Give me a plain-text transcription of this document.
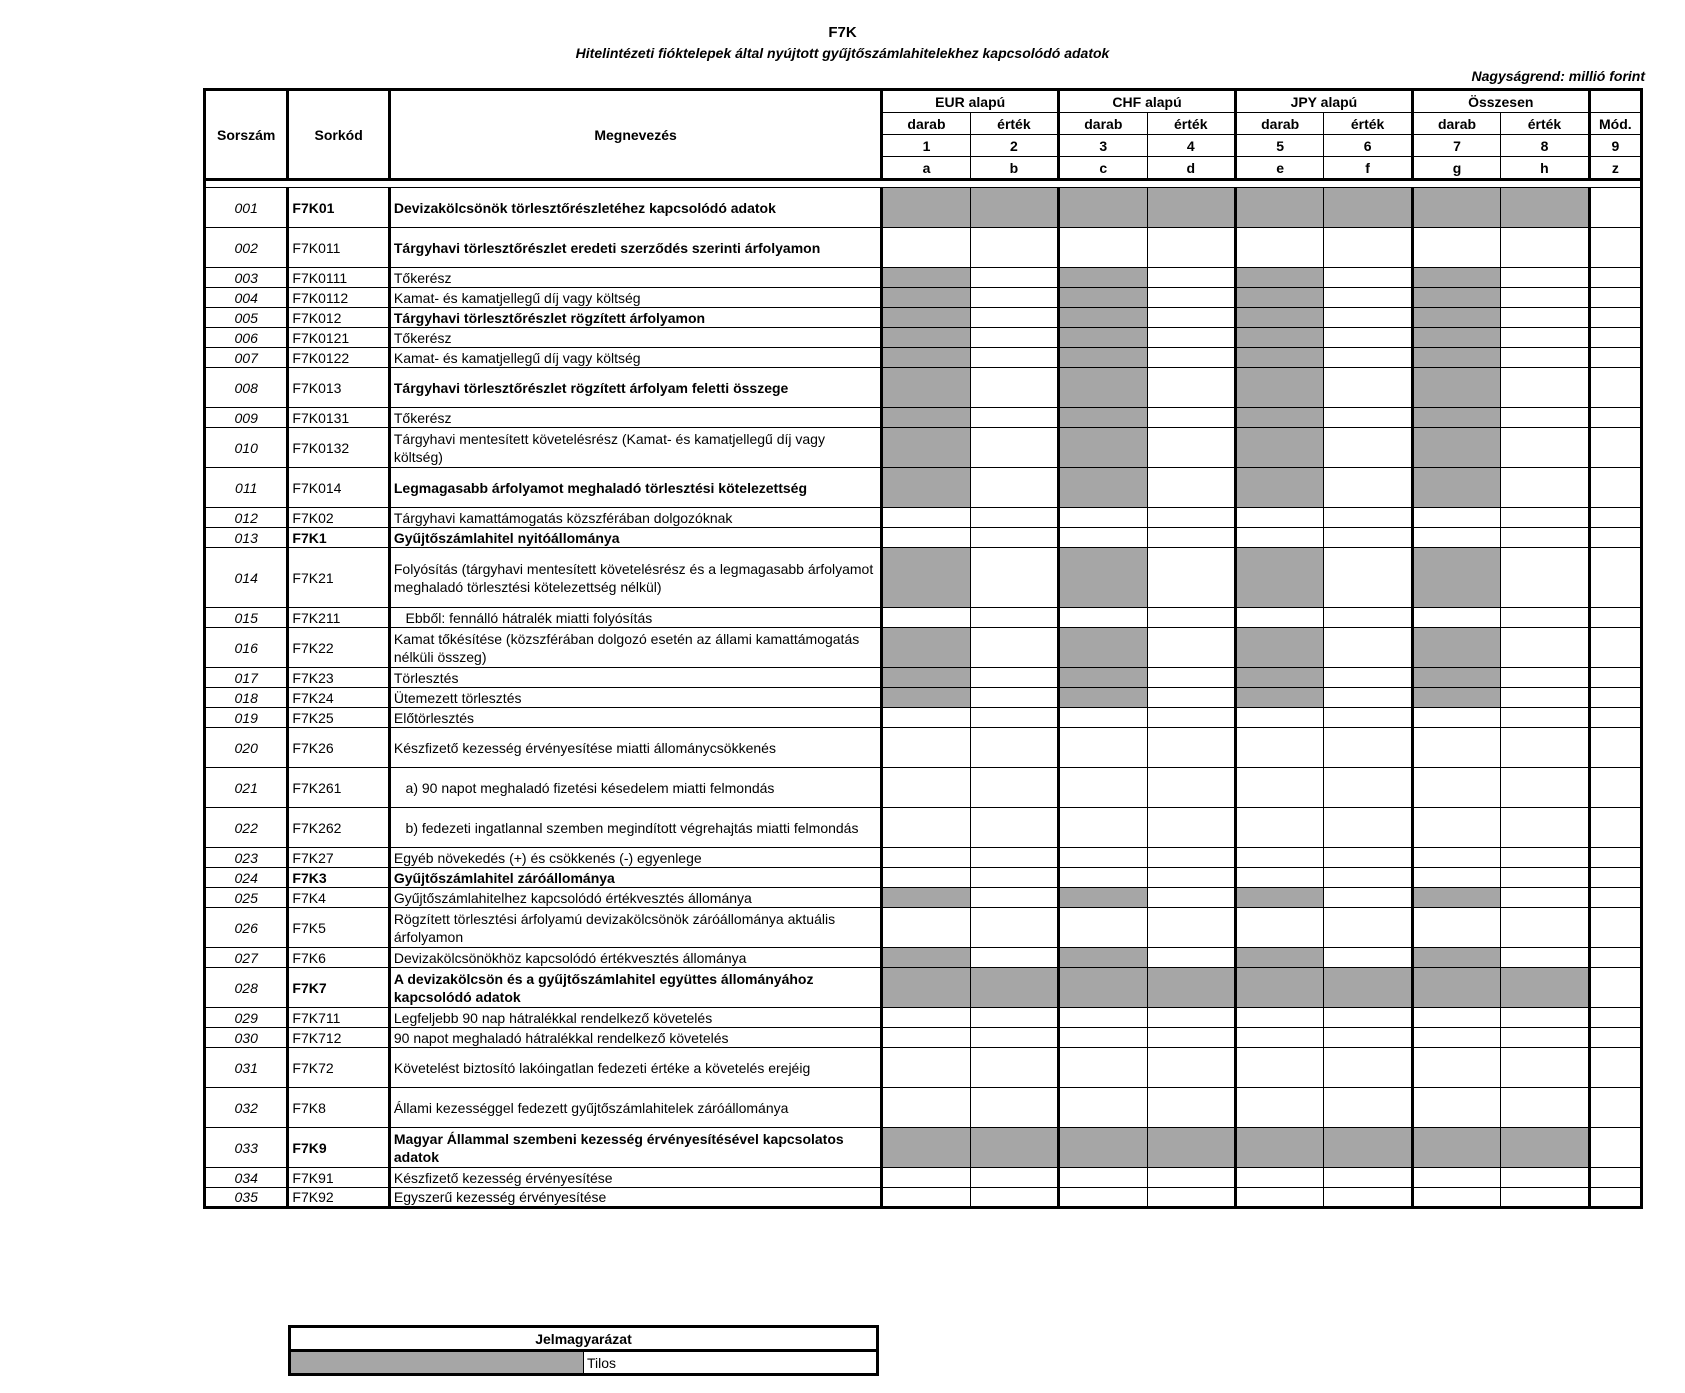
F7K
Hitelintézeti fióktelepek által nyújtott gyűjtőszámlahitelekhez kapcsolódó adatok
Nagyságrend: millió forint
Sorszám	Sorkód	Megnevezés	EUR alapú		CHF alapú		JPY alapú		Összesen		
			darab	érték	darab	érték	darab	érték	darab	érték	Mód.
			1	2	3	4	5	6	7	8	9
			a	b	c	d	e	f	g	h	z

001	F7K01	Devizakölcsönök törlesztőrészletéhez kapcsolódó adatok									
002	F7K011	Tárgyhavi törlesztőrészlet eredeti szerződés szerinti árfolyamon									
003	F7K0111	Tőkerész									
004	F7K0112	Kamat- és kamatjellegű díj vagy költség									
005	F7K012	Tárgyhavi törlesztőrészlet rögzített árfolyamon									
006	F7K0121	Tőkerész									
007	F7K0122	Kamat- és kamatjellegű díj vagy költség									
008	F7K013	Tárgyhavi törlesztőrészlet rögzített árfolyam feletti összege									
009	F7K0131	Tőkerész									
010	F7K0132	Tárgyhavi mentesített követelésrész (Kamat- és kamatjellegű díj vagy költség)									
011	F7K014	Legmagasabb árfolyamot meghaladó törlesztési kötelezettség									
012	F7K02	Tárgyhavi kamattámogatás közszférában dolgozóknak									
013	F7K1	Gyűjtőszámlahitel nyitóállománya									
014	F7K21	Folyósítás (tárgyhavi mentesített követelésrész és a legmagasabb árfolyamot meghaladó törlesztési kötelezettség nélkül)									
015	F7K211	Ebből: fennálló hátralék miatti folyósítás									
016	F7K22	Kamat tőkésítése (közszférában dolgozó esetén az állami kamattámogatás nélküli összeg)									
017	F7K23	Törlesztés									
018	F7K24	Ütemezett törlesztés									
019	F7K25	Előtörlesztés									
020	F7K26	Készfizető kezesség érvényesítése miatti állománycsökkenés									
021	F7K261	a) 90 napot meghaladó fizetési késedelem miatti felmondás									
022	F7K262	b) fedezeti ingatlannal szemben megindított végrehajtás miatti felmondás									
023	F7K27	Egyéb növekedés (+) és csökkenés (-) egyenlege									
024	F7K3	Gyűjtőszámlahitel záróállománya									
025	F7K4	Gyűjtőszámlahitelhez kapcsolódó értékvesztés állománya									
026	F7K5	Rögzített törlesztési árfolyamú devizakölcsönök záróállománya aktuális árfolyamon									
027	F7K6	Devizakölcsönökhöz kapcsolódó értékvesztés állománya									
028	F7K7	A devizakölcsön és a gyűjtőszámlahitel együttes állományához kapcsolódó adatok									
029	F7K711	Legfeljebb 90 nap hátralékkal rendelkező követelés									
030	F7K712	90 napot meghaladó hátralékkal rendelkező követelés									
031	F7K72	Követelést biztosító lakóingatlan fedezeti értéke a követelés erejéig									
032	F7K8	Állami kezességgel fedezett gyűjtőszámlahitelek záróállománya									
033	F7K9	Magyar Állammal szembeni kezesség érvényesítésével kapcsolatos adatok									
034	F7K91	Készfizető kezesség érvényesítése									
035	F7K92	Egyszerű kezesség érvényesítése									
Jelmagyarázat
	Tilos
